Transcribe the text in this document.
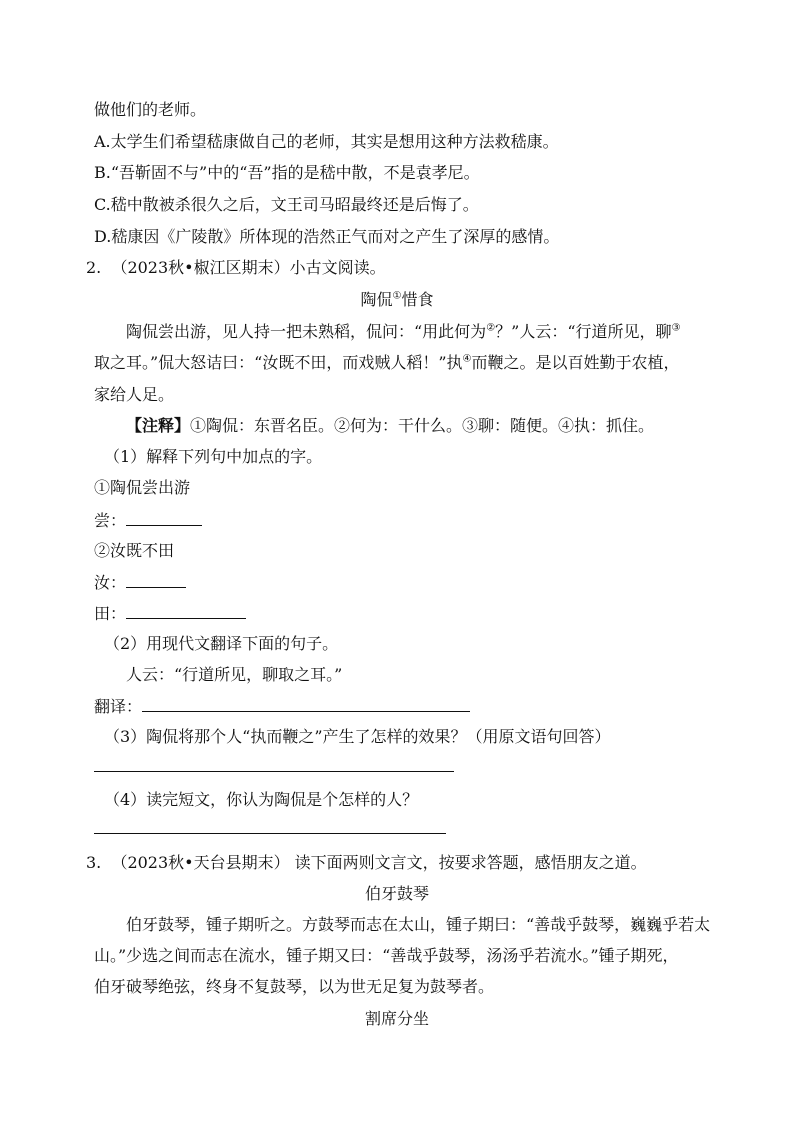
做他们的老师。
A.太学生们希望嵇康做自己的老师，其实是想用这种方法救嵇康。
B.“吾靳固不与”中的“吾”指的是嵇中散，不是袁孝尼。
C.嵇中散被杀很久之后，文王司马昭最终还是后悔了。
D.嵇康因《广陵散》所体现的浩然正气而对之产生了深厚的感情。
2. （2023秋•椒江区期末）小古文阅读。
陶侃①惜食
陶侃尝出游，见人持一把未熟稻，侃问：“用此何为②？”人云：“行道所见，聊③
取之耳。”侃大怒诘曰：“汝既不田，而戏贼人稻！”执④而鞭之。是以百姓勤于农植，
家给人足。
【注释】①陶侃：东晋名臣。②何为：干什么。③聊：随便。④执：抓住。
（1）解释下列句中加点的字。
①陶侃尝出游
尝：
②汝既不田
汝：
田：
（2）用现代文翻译下面的句子。
人云：“行道所见，聊取之耳。”
翻译：
（3）陶侃将那个人“执而鞭之”产生了怎样的效果？（用原文语句回答）
（4）读完短文，你认为陶侃是个怎样的人？
3. （2023秋•天台县期末） 读下面两则文言文，按要求答题，感悟朋友之道。
伯牙鼓琴
伯牙鼓琴，锺子期听之。方鼓琴而志在太山，锺子期曰：“善哉乎鼓琴，巍巍乎若太
山。”少选之间而志在流水，锺子期又曰：“善哉乎鼓琴，汤汤乎若流水。”锺子期死，
伯牙破琴绝弦，终身不复鼓琴，以为世无足复为鼓琴者。
割席分坐
